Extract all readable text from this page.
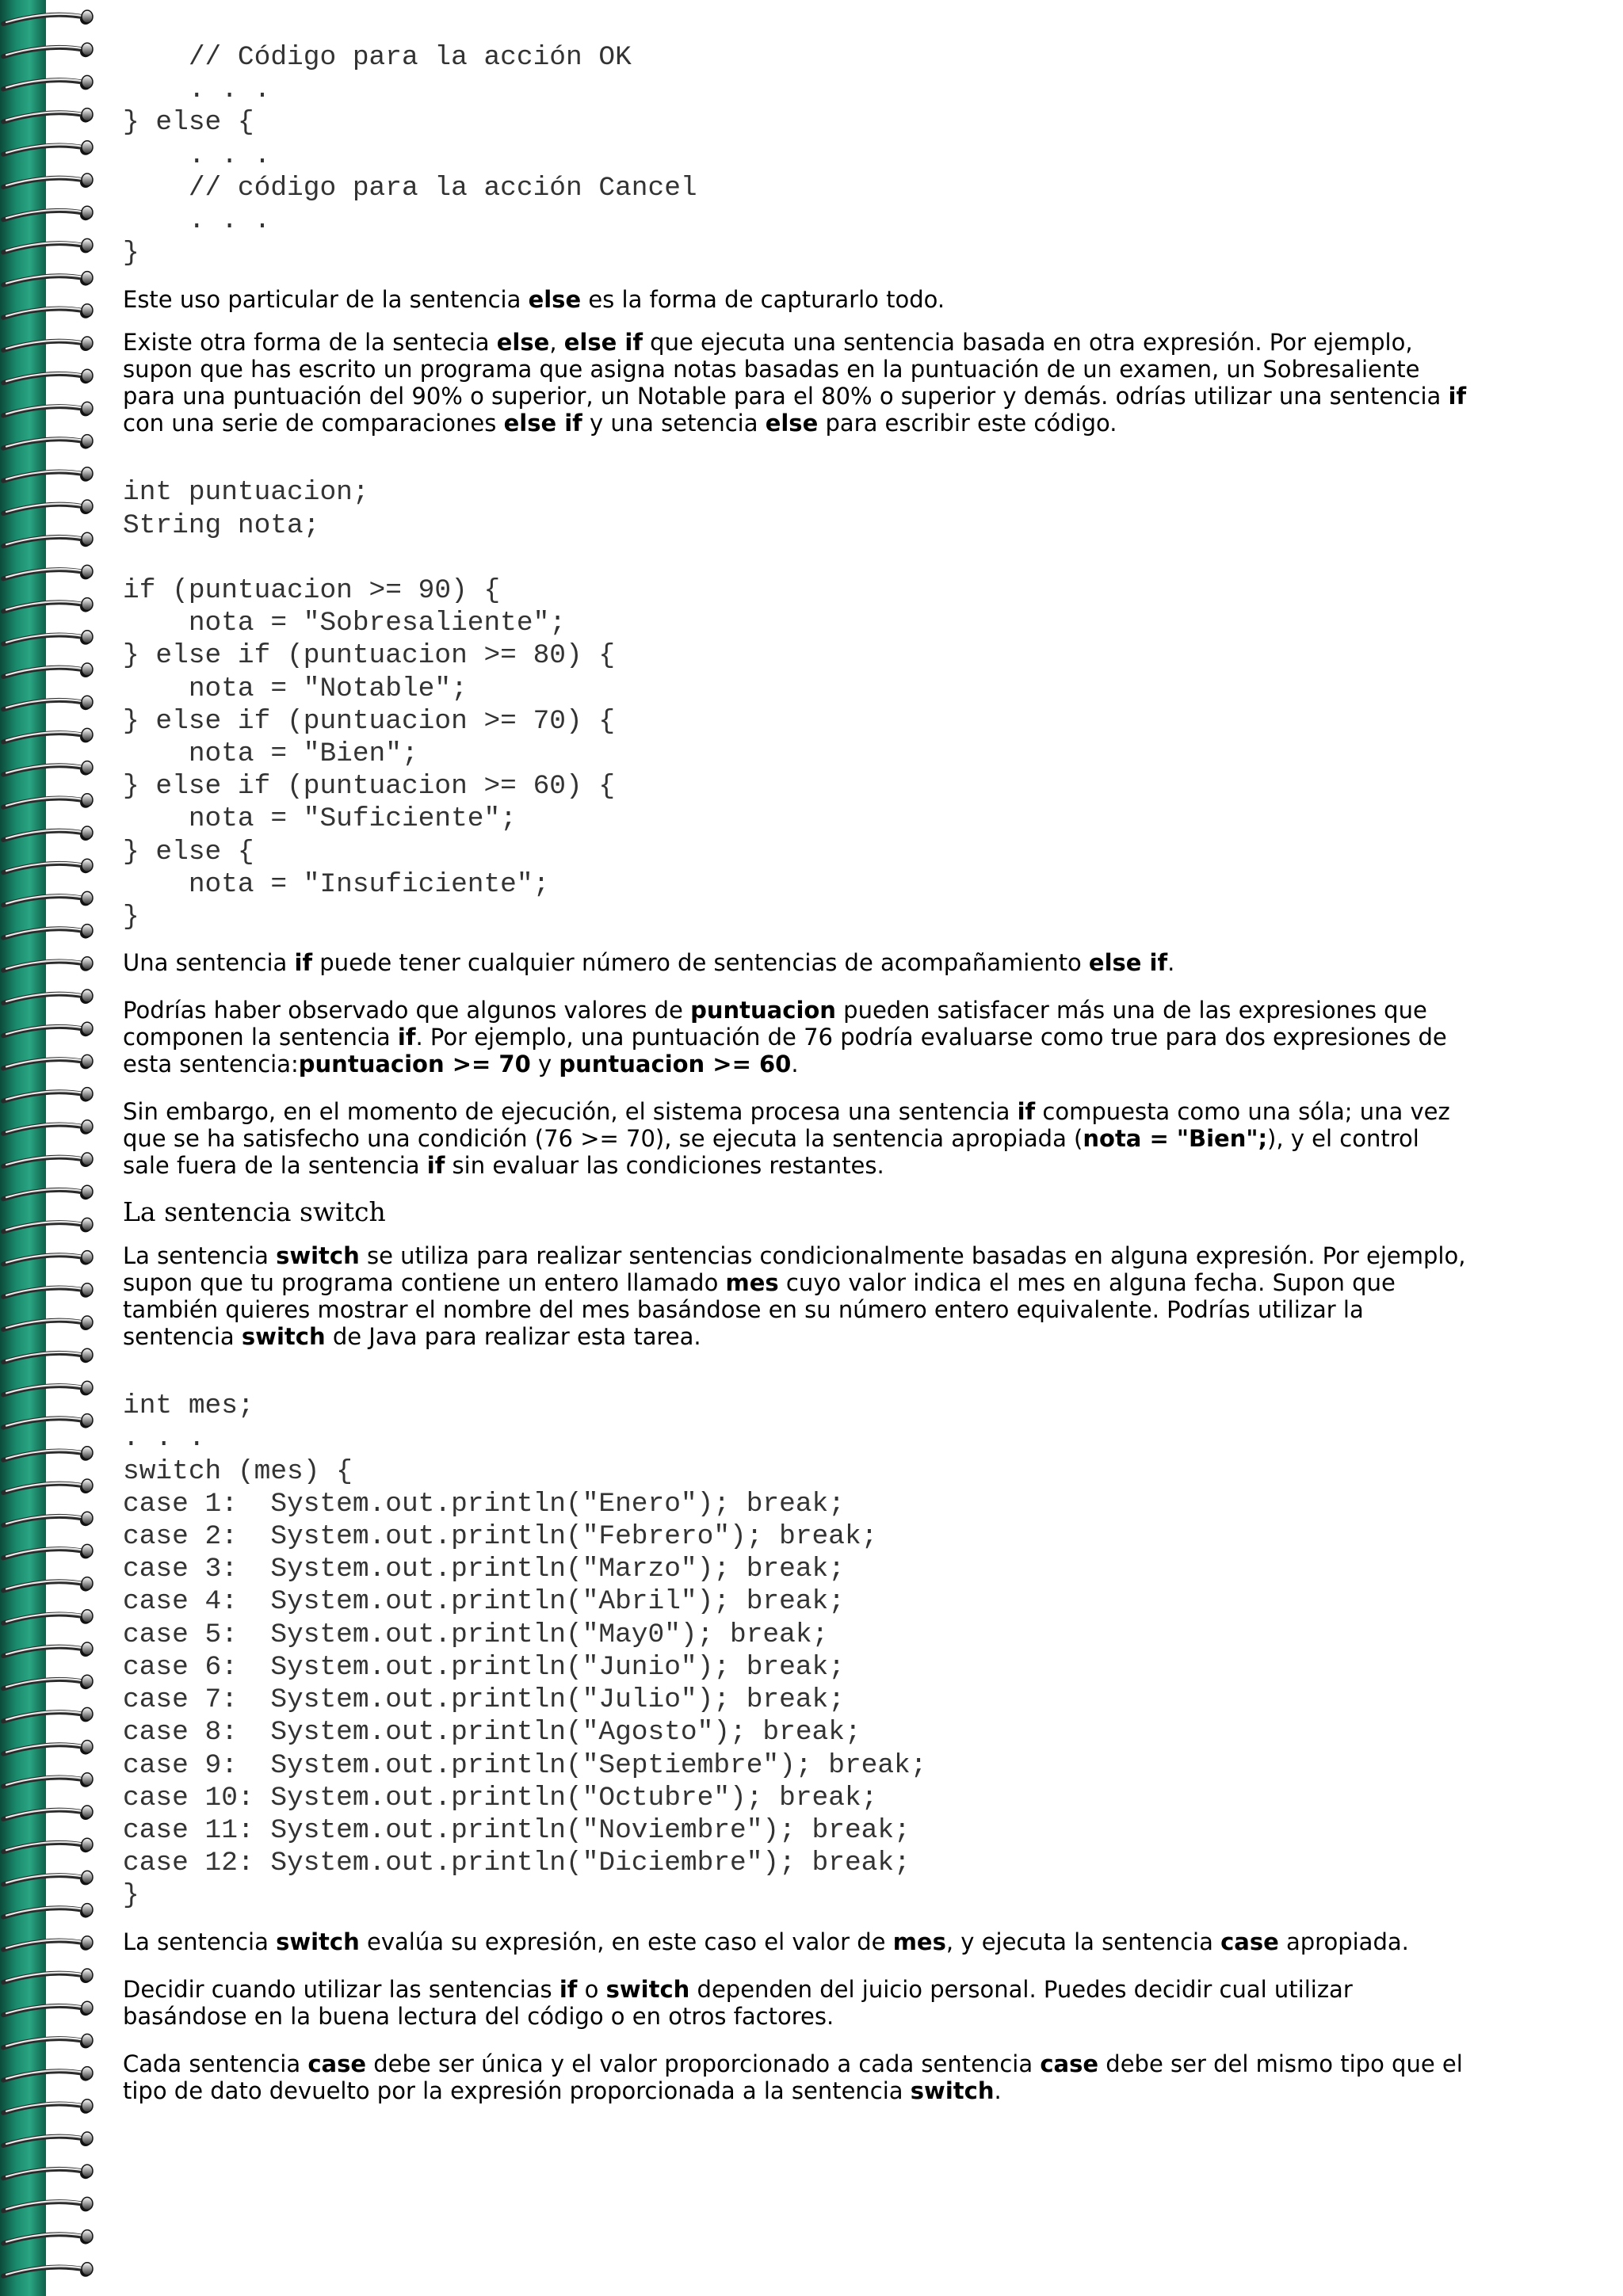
// Código para la acción OK
. . .
} else {
. . .
// código para la acción Cancel
. . .
}

Este uso particular de la sentencia else es la forma de capturarlo todo.

Existe otra forma de la sentecia else, else if que ejecuta una sentencia basada en otra expresión. Por ejemplo, supon que has escrito un programa que asigna notas basadas en la puntuación de un examen, un Sobresaliente para una puntuación del 90% o superior, un Notable para el 80% o superior y demás. odrías utilizar una sentencia if con una serie de comparaciones else if y una setencia else para escribir este código.

int puntuacion;
String nota;

if (puntuacion >= 90) {
nota = "Sobresaliente";
} else if (puntuacion >= 80) {
nota = "Notable";
} else if (puntuacion >= 70) {
nota = "Bien";
} else if (puntuacion >= 60) {
nota = "Suficiente";
} else {
nota = "Insuficiente";
}

Una sentencia if puede tener cualquier número de sentencias de acompañamiento else if.

Podrías haber observado que algunos valores de puntuacion pueden satisfacer más una de las expresiones que componen la sentencia if. Por ejemplo, una puntuación de 76 podría evaluarse como true para dos expresiones de esta sentencia:puntuacion >= 70 y puntuacion >= 60.

Sin embargo, en el momento de ejecución, el sistema procesa una sentencia if compuesta como una sóla; una vez que se ha satisfecho una condición (76 >= 70), se ejecuta la sentencia apropiada (nota = "Bien";), y el control sale fuera de la sentencia if sin evaluar las condiciones restantes.

La sentencia switch

La sentencia switch se utiliza para realizar sentencias condicionalmente basadas en alguna expresión. Por ejemplo, supon que tu programa contiene un entero llamado mes cuyo valor indica el mes en alguna fecha. Supon que también quieres mostrar el nombre del mes basándose en su número entero equivalente. Podrías utilizar la sentencia switch de Java para realizar esta tarea.

int mes;
. . .
switch (mes) {
case 1:  System.out.println("Enero"); break;
case 2:  System.out.println("Febrero"); break;
case 3:  System.out.println("Marzo"); break;
case 4:  System.out.println("Abril"); break;
case 5:  System.out.println("May0"); break;
case 6:  System.out.println("Junio"); break;
case 7:  System.out.println("Julio"); break;
case 8:  System.out.println("Agosto"); break;
case 9:  System.out.println("Septiembre"); break;
case 10: System.out.println("Octubre"); break;
case 11: System.out.println("Noviembre"); break;
case 12: System.out.println("Diciembre"); break;
}

La sentencia switch evalúa su expresión, en este caso el valor de mes, y ejecuta la sentencia case apropiada.

Decidir cuando utilizar las sentencias if o switch dependen del juicio personal. Puedes decidir cual utilizar basándose en la buena lectura del código o en otros factores.

Cada sentencia case debe ser única y el valor proporcionado a cada sentencia case debe ser del mismo tipo que el tipo de dato devuelto por la expresión proporcionada a la sentencia switch.
